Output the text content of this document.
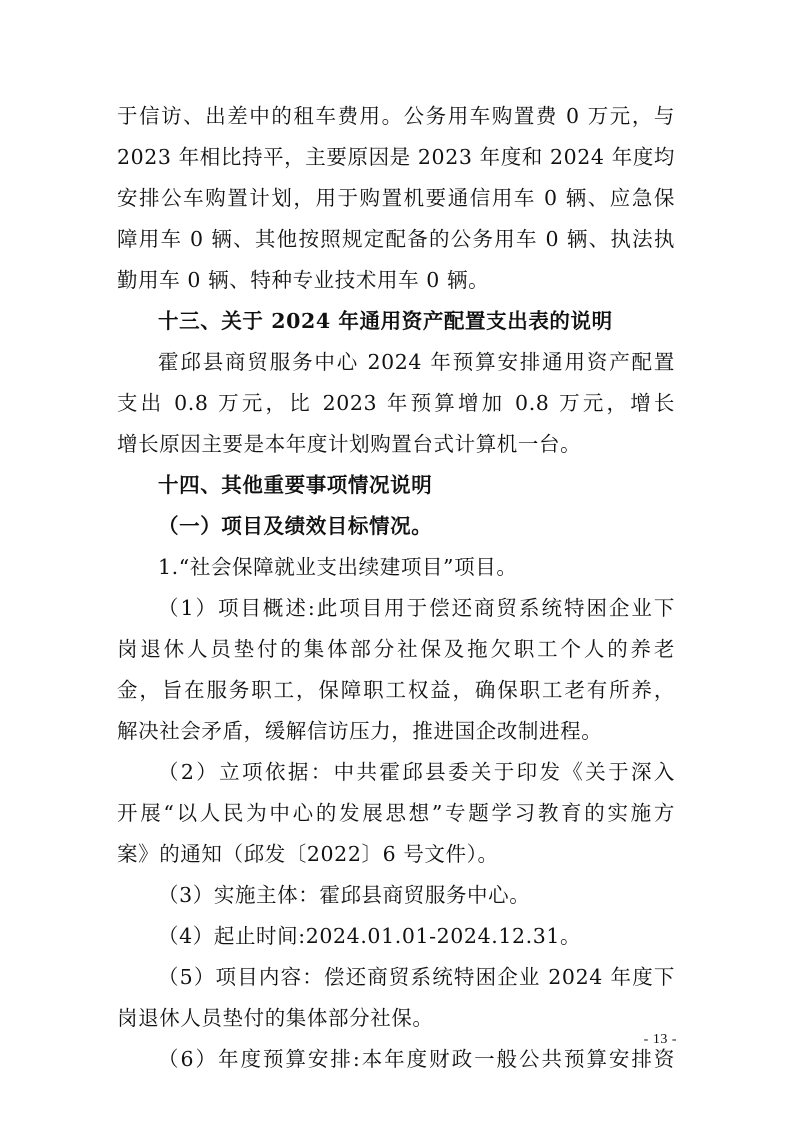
于信访、出差中的租车费用。公务用车购置费 0 万元，与
2023 年相比持平，主要原因是 2023 年度和 2024 年度均
安排公车购置计划，用于购置机要通信用车 0 辆、应急保
障用车 0 辆、其他按照规定配备的公务用车 0 辆、执法执
勤用车 0 辆、特种专业技术用车 0 辆。
十三、关于 2024 年通用资产配置支出表的说明
霍邱县商贸服务中心 2024 年预算安排通用资产配置
支出 0.8 万元，比 2023 年预算增加 0.8 万元，增长
增长原因主要是本年度计划购置台式计算机一台。
十四、其他重要事项情况说明
（一）项目及绩效目标情况。
1.“社会保障就业支出续建项目”项目。
（1）项目概述:此项目用于偿还商贸系统特困企业下
岗退休人员垫付的集体部分社保及拖欠职工个人的养老
金，旨在服务职工，保障职工权益，确保职工老有所养，
解决社会矛盾，缓解信访压力，推进国企改制进程。
（2）立项依据：中共霍邱县委关于印发《关于深入
开展“以人民为中心的发展思想”专题学习教育的实施方
案》的通知（邱发〔2022〕6 号文件）。
（3）实施主体：霍邱县商贸服务中心。
（4）起止时间:2024.01.01-2024.12.31。
（5）项目内容：偿还商贸系统特困企业 2024 年度下
岗退休人员垫付的集体部分社保。
（6）年度预算安排:本年度财政一般公共预算安排资
- 13 -
